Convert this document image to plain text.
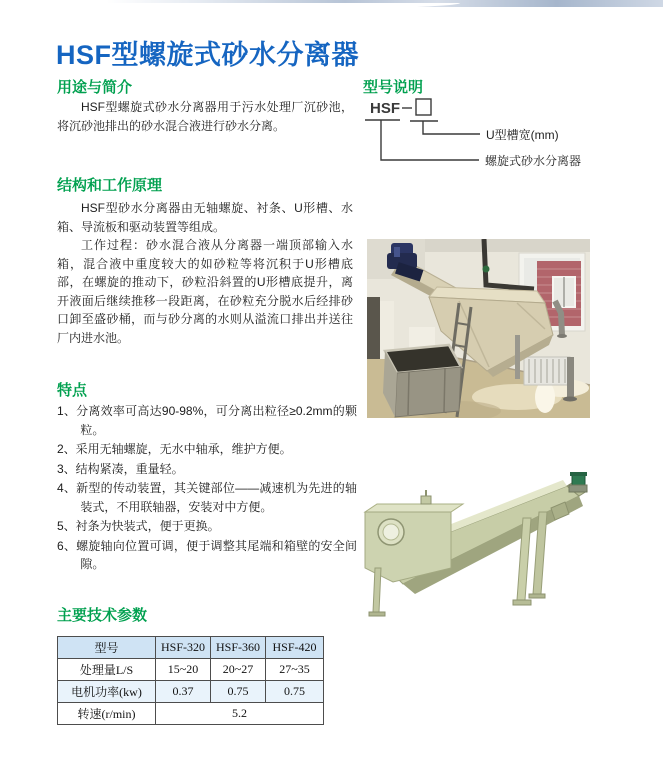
HSF型螺旋式砂水分离器
用途与简介

HSF型螺旋式砂水分离器用于污水处理厂沉砂池，将沉砂池排出的砂水混合液进行砂水分离。

结构和工作原理

HSF型砂水分离器由无轴螺旋、衬条、U形槽、水箱、导流板和驱动装置等组成。

工作过程：砂水混合液从分离器一端顶部输入水箱，混合液中重度较大的如砂粒等将沉积于U形槽底部，在螺旋的推动下，砂粒沿斜置的U形槽底提升，离开液面后继续推移一段距离，在砂粒充分脱水后经排砂口卸至盛砂桶，而与砂分离的水则从溢流口排出并送往厂内进水池。

特点
1、分离效率可高达90-98%，可分离出粒径≥0.2mm的颗粒。
2、采用无轴螺旋，无水中轴承，维护方便。
3、结构紧凑，重量轻。
4、新型的传动装置，其关键部位——减速机为先进的轴装式，不用联轴器，安装对中方便。
5、衬条为快装式，便于更换。
6、螺旋轴向位置可调，便于调整其尾端和箱壁的安全间隙。
主要技术参数
型号	HSF-320	HSF-360	HSF-420
处理量L/S	15~20	20~27	27~35
电机功率(kw)	0.37	0.75	0.75
转速(r/min)	5.2		
型号说明
HSF
U型槽宽(mm)
螺旋式砂水分离器
